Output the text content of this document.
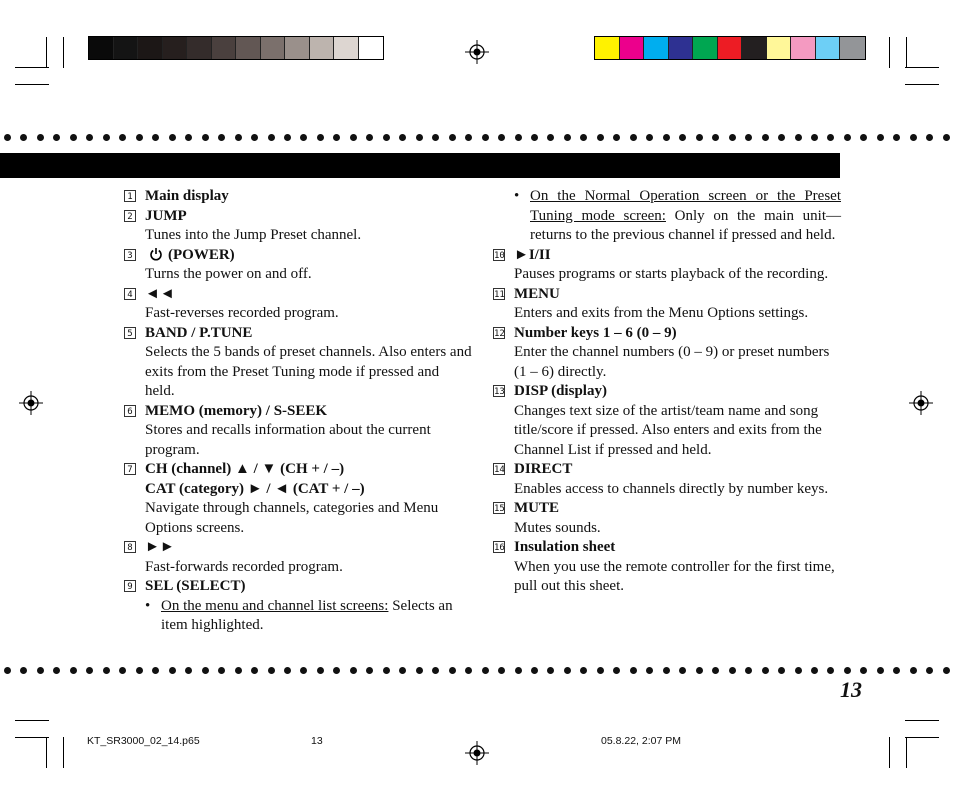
1 Main display
2 JUMP
Tunes into the Jump Preset channel.
3	(POWER)
Turns the power on and off.
4 ◄◄
Fast-reverses recorded program.
5 BAND / P.TUNE
Selects the 5 bands of preset channels. Also enters and exits from the Preset Tuning mode if pressed and held.
6 MEMO (memory) / S-SEEK
Stores and recalls information about the current program.
7 CH (channel) ▲ / ▼ (CH + / –)
CAT (category) ► / ◄ (CAT + / –)
Navigate through channels, categories and Menu Options screens.
8 ►►
Fast-forwards recorded program.
9 SEL (SELECT)
• On the menu and channel list screens: Selects an item highlighted.
• On the Normal Operation screen or the Preset Tuning mode screen: Only on the main unit—returns to the previous channel if pressed and held.
10 ►I/II
Pauses programs or starts playback of the recording.
11 MENU
Enters and exits from the Menu Options settings.
12 Number keys 1 – 6 (0 – 9)
Enter the channel numbers (0 – 9) or preset numbers (1 – 6) directly.
13 DISP (display)
Changes text size of the artist/team name and song title/score if pressed. Also enters and exits from the Channel List if pressed and held.
14 DIRECT
Enables access to channels directly by number keys.
15 MUTE
Mutes sounds.
16 Insulation sheet
When you use the remote controller for the first time, pull out this sheet.
13
KT_SR3000_02_14.p65	13	05.8.22, 2:07 PM
